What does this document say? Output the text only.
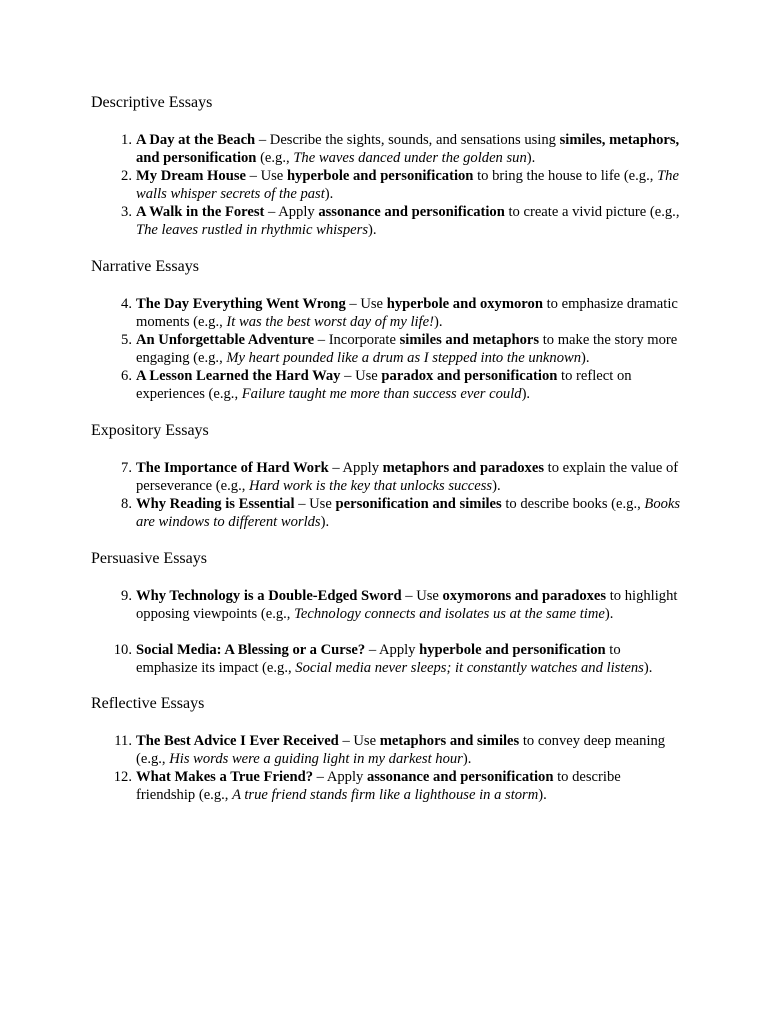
Descriptive Essays
1 . A Day at the Beach – Describe the sights, sounds, and sensations using similes, metaphors, and personification (e.g., The waves danced under the golden sun).
2 . My Dream House – Use hyperbole and personification to bring the house to life (e.g., The walls whisper secrets of the past).
3 . A Walk in the Forest – Apply assonance and personification to create a vivid picture (e.g., The leaves rustled in rhythmic whispers).
Narrative Essays
4 . The Day Everything Went Wrong – Use hyperbole and oxymoron to emphasize dramatic moments (e.g., It was the best worst day of my life!).
5 . An Unforgettable Adventure – Incorporate similes and metaphors to make the story more engaging (e.g., My heart pounded like a drum as I stepped into the unknown).
6 . A Lesson Learned the Hard Way – Use paradox and personification to reflect on experiences (e.g., Failure taught me more than success ever could).
Expository Essays
7 . The Importance of Hard Work – Apply metaphors and paradoxes to explain the value of perseverance (e.g., Hard work is the key that unlocks success).
8 . Why Reading is Essential – Use personification and similes to describe books (e.g., Books are windows to different worlds).
Persuasive Essays
9 . Why Technology is a Double-Edged Sword – Use oxymorons and paradoxes to highlight opposing viewpoints (e.g., Technology connects and isolates us at the same time).
10 . Social Media: A Blessing or a Curse? – Apply hyperbole and personification to emphasize its impact (e.g., Social media never sleeps; it constantly watches and listens).
Reflective Essays
11 . The Best Advice I Ever Received – Use metaphors and similes to convey deep meaning (e.g., His words were a guiding light in my darkest hour).
12 . What Makes a True Friend? – Apply assonance and personification to describe friendship (e.g., A true friend stands firm like a lighthouse in a storm).
